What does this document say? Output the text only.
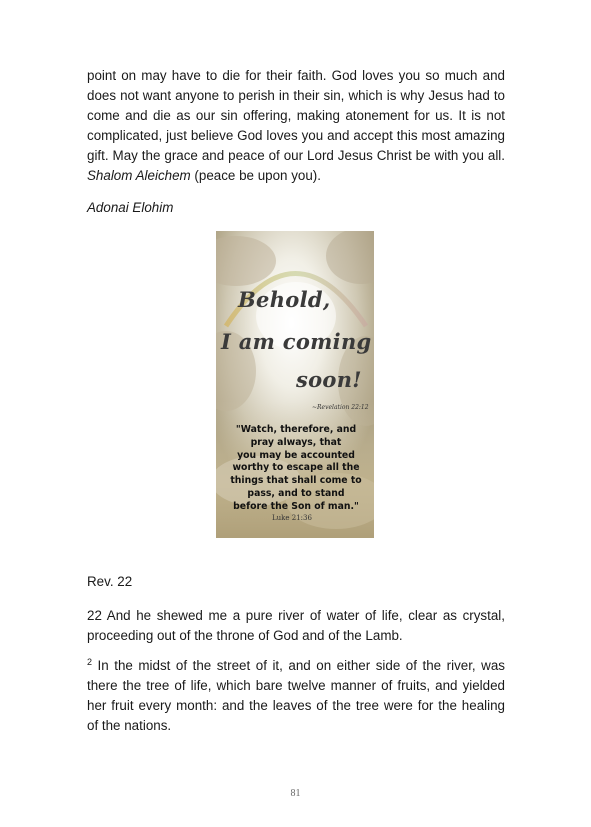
point on may have to die for their faith. God loves you so much and
does not want anyone to perish in their sin, which is why Jesus had to
come and die as our sin offering, making atonement for us. It is not
complicated, just believe God loves you and accept this most amazing
gift. May the grace and peace of our Lord Jesus Christ be with you all.
Shalom Aleichem (peace be upon you).
Adonai Elohim
Behold,
I am coming
soon!
~Revelation 22:12
"Watch, therefore, and
pray always, that
you may be accounted
worthy to escape all the
things that shall come to
pass, and to stand
before the Son of man."
Luke 21:36
Rev. 22
22 And he shewed me a pure river of water of life, clear as crystal,
proceeding out of the throne of God and of the Lamb.
$^2$ In the midst of the street of it, and on either side of the river, was
there the tree of life, which bare twelve manner of fruits, and yielded
her fruit every month: and the leaves of the tree were for the healing
of the nations.
81
